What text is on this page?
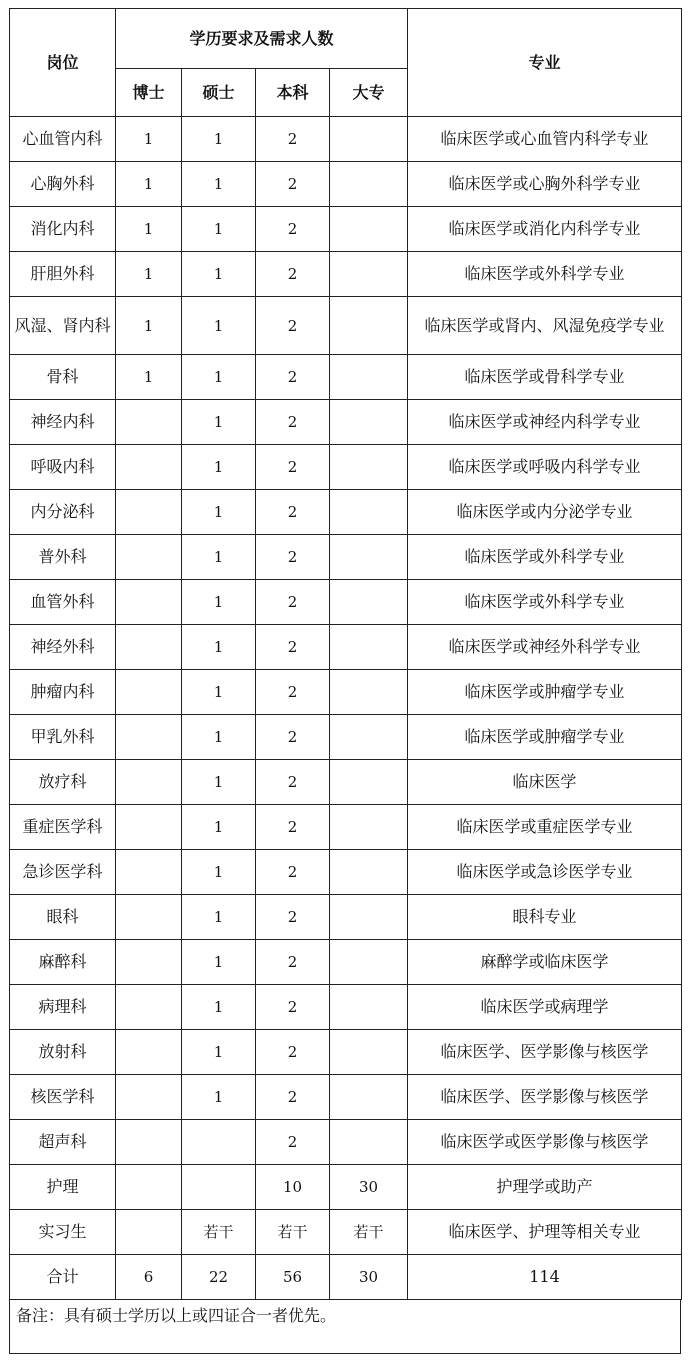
岗位	学历要求及需求人数				专业
	博士	硕士	本科	大专	
心血管内科	1	1	2		临床医学或心血管内科学专业
心胸外科	1	1	2		临床医学或心胸外科学专业
消化内科	1	1	2		临床医学或消化内科学专业
肝胆外科	1	1	2		临床医学或外科学专业
风湿、肾内科	1	1	2		临床医学或肾内、风湿免疫学专业
骨科	1	1	2		临床医学或骨科学专业
神经内科		1	2		临床医学或神经内科学专业
呼吸内科		1	2		临床医学或呼吸内科学专业
内分泌科		1	2		临床医学或内分泌学专业
普外科		1	2		临床医学或外科学专业
血管外科		1	2		临床医学或外科学专业
神经外科		1	2		临床医学或神经外科学专业
肿瘤内科		1	2		临床医学或肿瘤学专业
甲乳外科		1	2		临床医学或肿瘤学专业
放疗科		1	2		临床医学
重症医学科		1	2		临床医学或重症医学专业
急诊医学科		1	2		临床医学或急诊医学专业
眼科		1	2		眼科专业
麻醉科		1	2		麻醉学或临床医学
病理科		1	2		临床医学或病理学
放射科		1	2		临床医学、医学影像与核医学
核医学科		1	2		临床医学、医学影像与核医学
超声科			2		临床医学或医学影像与核医学
护理			10	30	护理学或助产
实习生		若干	若干	若干	临床医学、护理等相关专业
合计	6	22	56	30	114
备注：具有硕士学历以上或四证合一者优先。
